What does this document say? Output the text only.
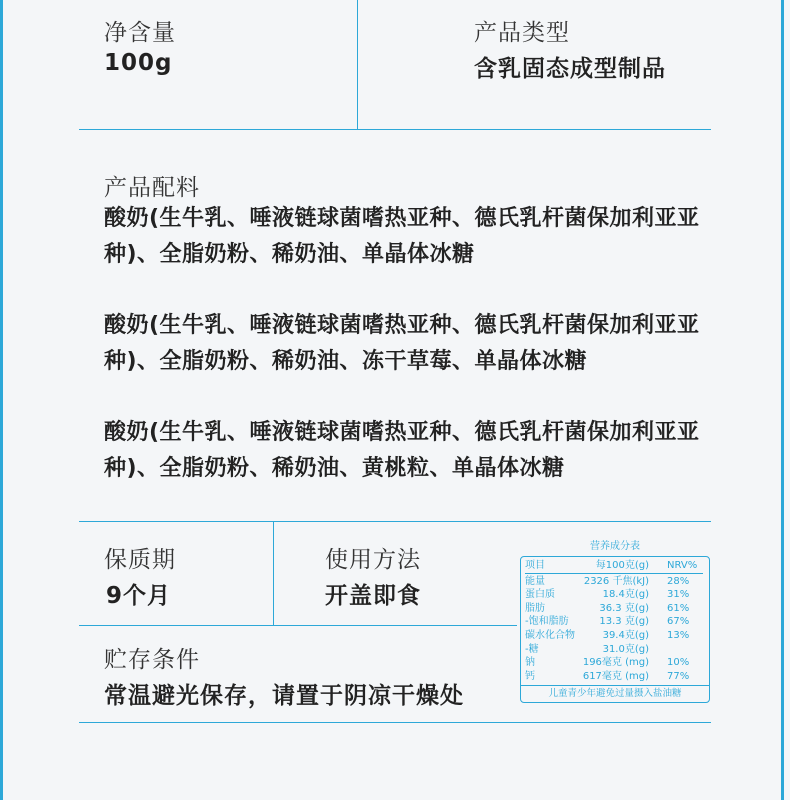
净含量
100g
产品类型
含乳固态成型制品
产品配料

酸奶(生牛乳、唾液链球菌嗜热亚种、德氏乳杆菌保加利亚亚种)、全脂奶粉、稀奶油、单晶体冰糖

酸奶(生牛乳、唾液链球菌嗜热亚种、德氏乳杆菌保加利亚亚种)、全脂奶粉、稀奶油、冻干草莓、单晶体冰糖

酸奶(生牛乳、唾液链球菌嗜热亚种、德氏乳杆菌保加利亚亚种)、全脂奶粉、稀奶油、黄桃粒、单晶体冰糖

保质期
9个月
使用方法
开盖即食
贮存条件
常温避光保存，请置于阴凉干燥处
营养成分表
项目	每100克(g) NRV%
能量	2326 千焦(kJ) 28%
蛋白质	18.4克(g) 31%
脂肪	36.3 克(g) 61%
-饱和脂肪	13.3 克(g) 67%
碳水化合物	39.4克(g) 13%
-糖	31.0克(g)
钠	196毫克 (mg) 10%
钙	617毫克 (mg) 77%
儿童青少年避免过量摄入盐油糖
